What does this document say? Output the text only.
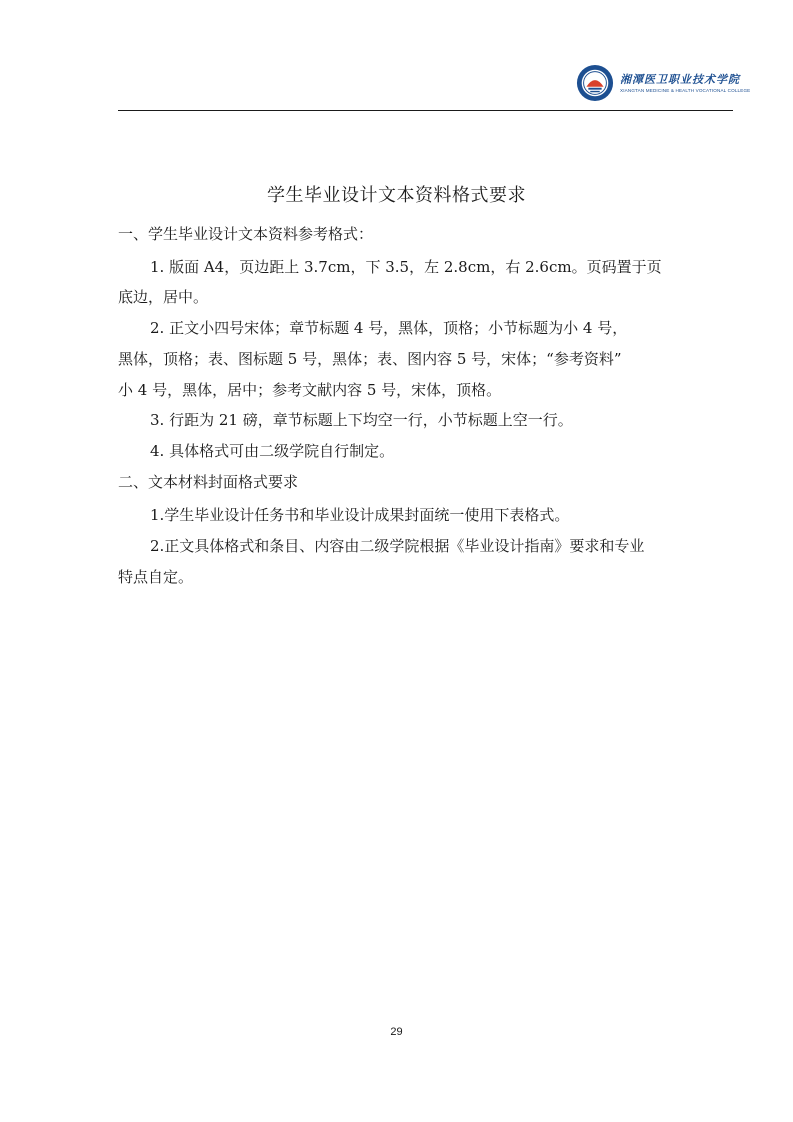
湘潭医卫职业技术学院
XIANGTAN MEDICINE & HEALTH VOCATIONAL COLLEGE
学生毕业设计文本资料格式要求
一、学生毕业设计文本资料参考格式：
1. 版面 A4，页边距上 3.7cm，下 3.5，左 2.8cm，右 2.6cm。页码置于页
底边，居中。
2. 正文小四号宋体；章节标题 4 号，黑体，顶格；小节标题为小 4 号，
黑体，顶格；表、图标题 5 号，黑体；表、图内容 5 号，宋体；“参考资料”
小 4 号，黑体，居中；参考文献内容 5 号，宋体，顶格。
3. 行距为 21 磅，章节标题上下均空一行，小节标题上空一行。
4. 具体格式可由二级学院自行制定。
二、文本材料封面格式要求
1.学生毕业设计任务书和毕业设计成果封面统一使用下表格式。
2.正文具体格式和条目、内容由二级学院根据《毕业设计指南》要求和专业
特点自定。
29
